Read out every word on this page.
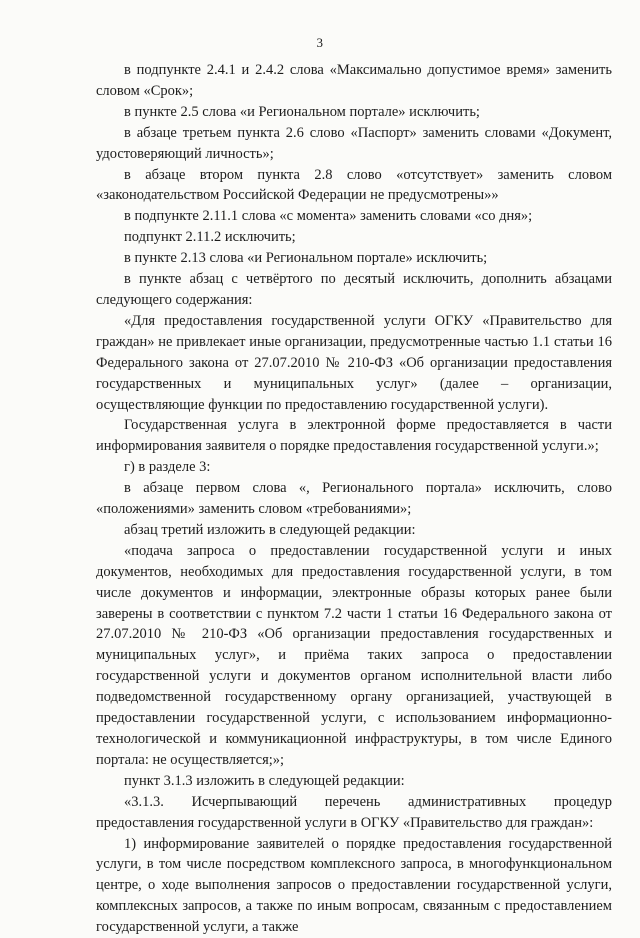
3

в подпункте 2.4.1 и 2.4.2 слова «Максимально допустимое время» заменить словом «Срок»;

в пункте 2.5 слова «и Региональном портале» исключить;

в абзаце третьем пункта 2.6 слово «Паспорт» заменить словами «Документ, удостоверяющий личность»;

в абзаце втором пункта 2.8 слово «отсутствует» заменить словом «законодательством Российской Федерации не предусмотрены»»

в подпункте 2.11.1 слова «с момента» заменить словами «со дня»;

подпункт 2.11.2 исключить;

в пункте 2.13 слова «и Региональном портале» исключить;

в пункте абзац с четвёртого по десятый исключить, дополнить абзацами следующего содержания:

«Для предоставления государственной услуги ОГКУ «Правительство для граждан» не привлекает иные организации, предусмотренные частью 1.1 статьи 16 Федерального закона от 27.07.2010 № 210-ФЗ «Об организации предоставления государственных и муниципальных услуг» (далее – организации, осуществляющие функции по предоставлению государственной услуги).

Государственная услуга в электронной форме предоставляется в части информирования заявителя о порядке предоставления государственной услуги.»;

г) в разделе 3:

в абзаце первом слова «, Регионального портала» исключить, слово «положениями» заменить словом «требованиями»;

абзац третий изложить в следующей редакции:

«подача запроса о предоставлении государственной услуги и иных документов, необходимых для предоставления государственной услуги, в том числе документов и информации, электронные образы которых ранее были заверены в соответствии с пунктом 7.2 части 1 статьи 16 Федерального закона от 27.07.2010 № 210-ФЗ «Об организации предоставления государственных и муниципальных услуг», и приёма таких запроса о предоставлении государственной услуги и документов органом исполнительной власти либо подведомственной государственному органу организацией, участвующей в предоставлении государственной услуги, с использованием информационно-технологической и коммуникационной инфраструктуры, в том числе Единого портала: не осуществляется;»;

пункт 3.1.3 изложить в следующей редакции:

«3.1.3. Исчерпывающий перечень административных процедур предоставления государственной услуги в ОГКУ «Правительство для граждан»:

1) информирование заявителей о порядке предоставления государственной услуги, в том числе посредством комплексного запроса, в многофункциональном центре, о ходе выполнения запросов о предоставлении государственной услуги, комплексных запросов, а также по иным вопросам, связанным с предоставлением государственной услуги, а также
